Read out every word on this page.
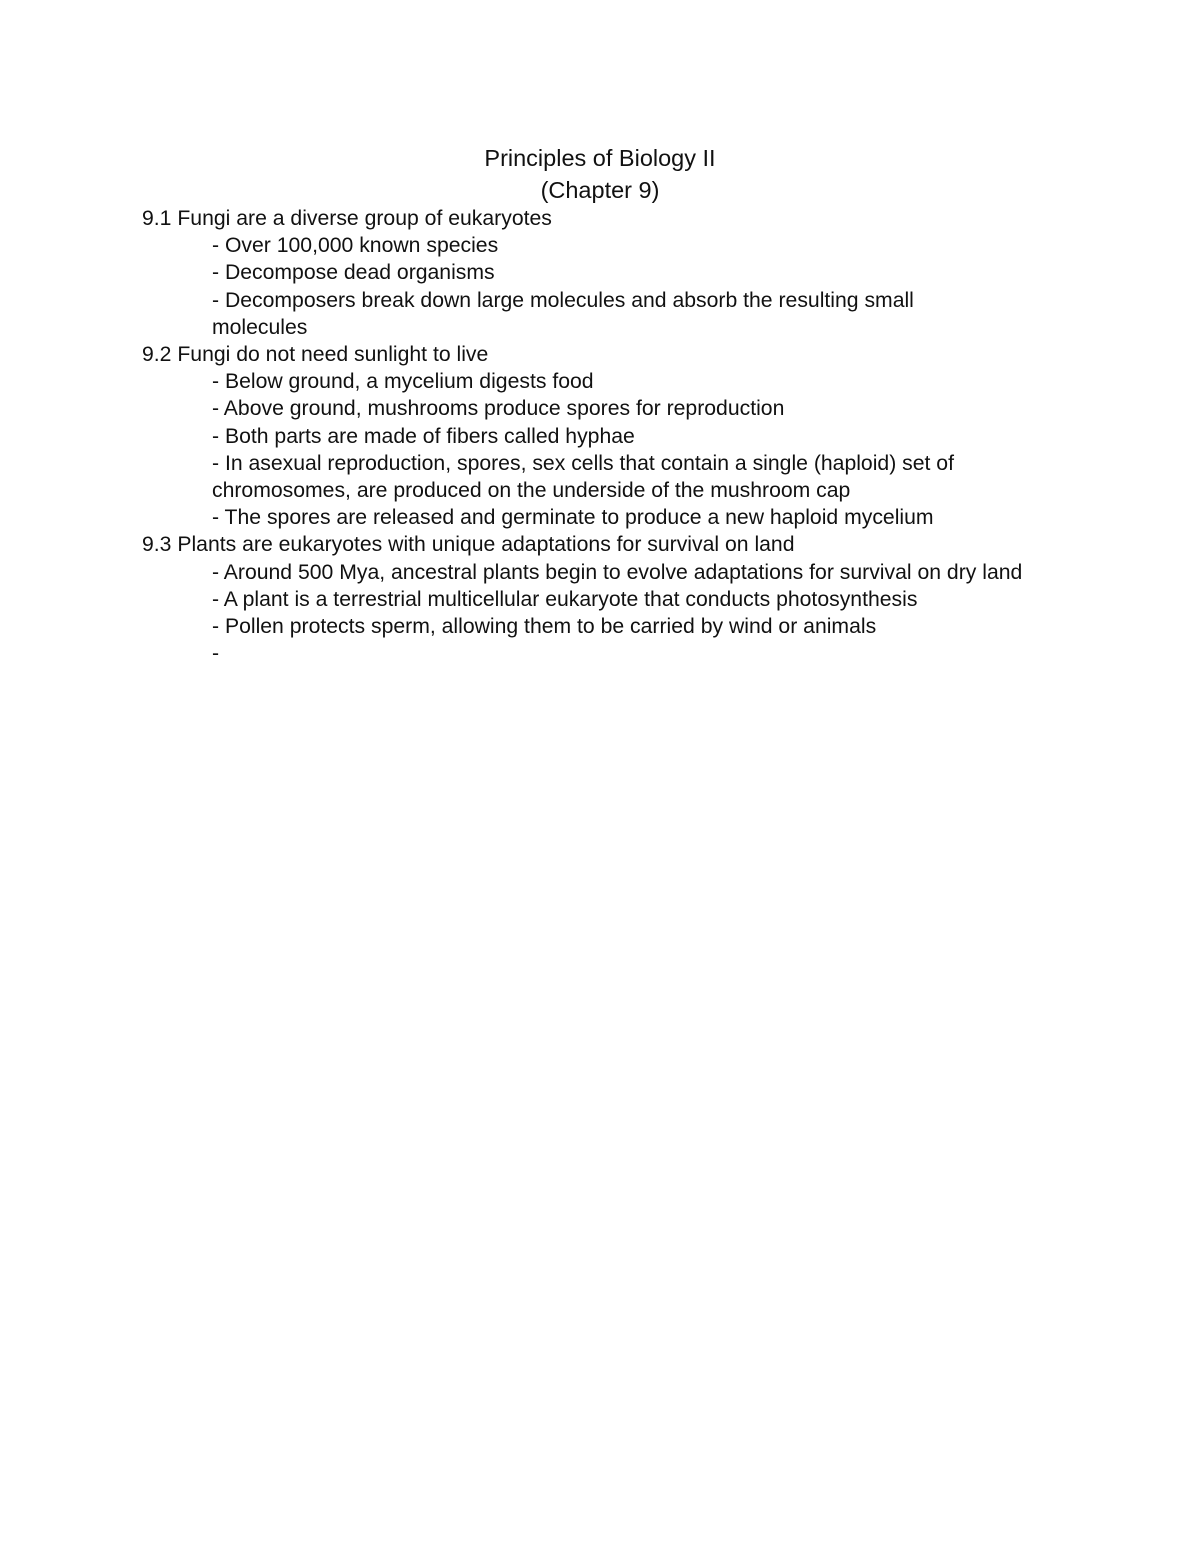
Principles of Biology II
(Chapter 9)
9.1 Fungi are a diverse group of eukaryotes
- Over 100,000 known species
- Decompose dead organisms
- Decomposers break down large molecules and absorb the resulting small molecules
9.2 Fungi do not need sunlight to live
- Below ground, a mycelium digests food
- Above ground, mushrooms produce spores for reproduction
- Both parts are made of fibers called hyphae
- In asexual reproduction, spores, sex cells that contain a single (haploid) set of chromosomes, are produced on the underside of the mushroom cap
- The spores are released and germinate to produce a new haploid mycelium
9.3 Plants are eukaryotes with unique adaptations for survival on land
- Around 500 Mya, ancestral plants begin to evolve adaptations for survival on dry land
- A plant is a terrestrial multicellular eukaryote that conducts photosynthesis
- Pollen protects sperm, allowing them to be carried by wind or animals
-
